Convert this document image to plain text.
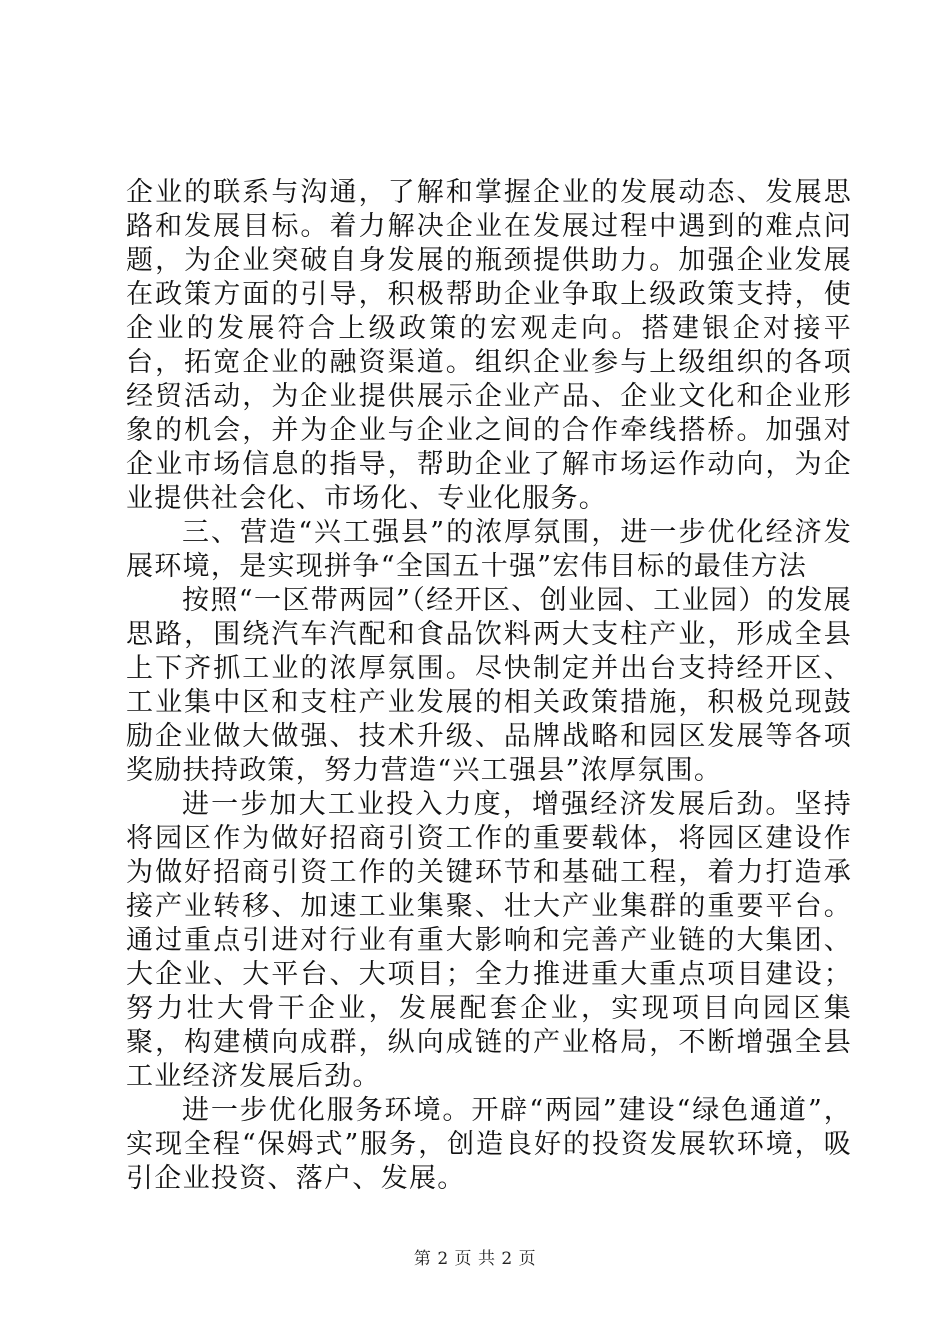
企业的联系与沟通，了解和掌握企业的发展动态、发展思路和发展目标。着力解决企业在发展过程中遇到的难点问题，为企业突破自身发展的瓶颈提供助力。加强企业发展在政策方面的引导，积极帮助企业争取上级政策支持，使企业的发展符合上级政策的宏观走向。搭建银企对接平台，拓宽企业的融资渠道。组织企业参与上级组织的各项经贸活动，为企业提供展示企业产品、企业文化和企业形象的机会，并为企业与企业之间的合作牵线搭桥。加强对企业市场信息的指导，帮助企业了解市场运作动向，为企业提供社会化、市场化、专业化服务。

三、营造“兴工强县”的浓厚氛围，进一步优化经济发展环境，是实现拼争“全国五十强”宏伟目标的最佳方法

按照“一区带两园”（经开区、创业园、工业园）的发展思路，围绕汽车汽配和食品饮料两大支柱产业，形成全县上下齐抓工业的浓厚氛围。尽快制定并出台支持经开区、工业集中区和支柱产业发展的相关政策措施，积极兑现鼓励企业做大做强、技术升级、品牌战略和园区发展等各项奖励扶持政策，努力营造“兴工强县”浓厚氛围。

进一步加大工业投入力度，增强经济发展后劲。坚持将园区作为做好招商引资工作的重要载体，将园区建设作为做好招商引资工作的关键环节和基础工程，着力打造承接产业转移、加速工业集聚、壮大产业集群的重要平台。通过重点引进对行业有重大影响和完善产业链的大集团、大企业、大平台、大项目；全力推进重大重点项目建设；努力壮大骨干企业，发展配套企业，实现项目向园区集聚，构建横向成群，纵向成链的产业格局，不断增强全县工业经济发展后劲。

进一步优化服务环境。开辟“两园”建设“绿色通道”，实现全程“保姆式”服务，创造良好的投资发展软环境，吸引企业投资、落户、发展。

第 2 页 共 2 页
